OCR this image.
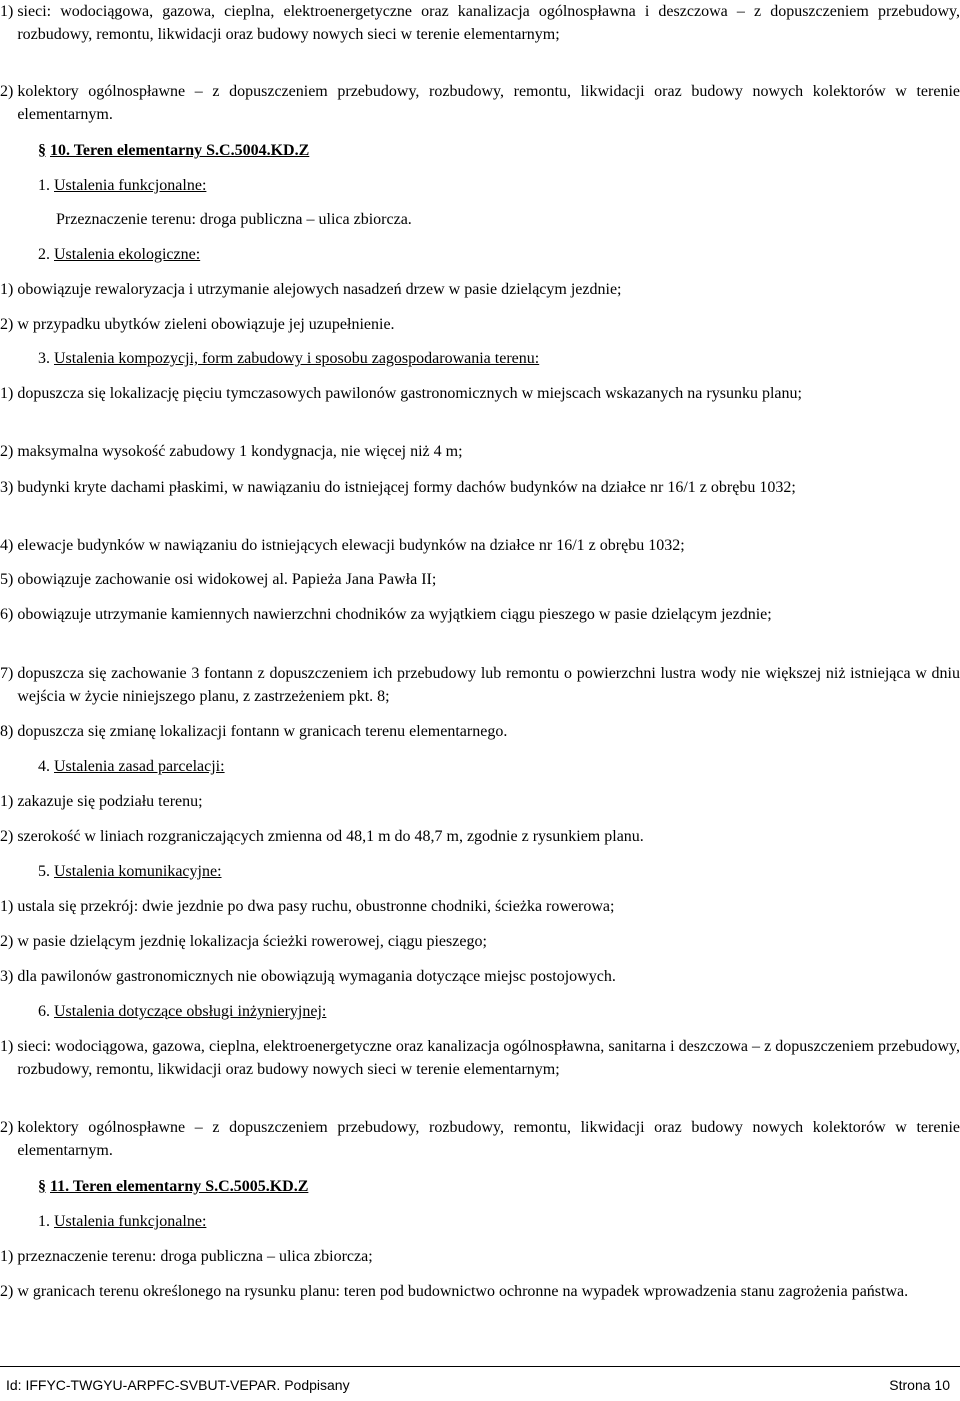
1) sieci: wodociągowa, gazowa, cieplna, elektroenergetyczne oraz kanalizacja ogólnospławna i deszczowa – z dopuszczeniem przebudowy, rozbudowy, remontu, likwidacji oraz budowy nowych sieci w terenie elementarnym;
2) kolektory ogólnospławne – z dopuszczeniem przebudowy, rozbudowy, remontu, likwidacji oraz budowy nowych kolektorów w terenie elementarnym.
§ 10. Teren elementarny S.C.5004.KD.Z
1. Ustalenia funkcjonalne:
Przeznaczenie terenu: droga publiczna – ulica zbiorcza.
2. Ustalenia ekologiczne:
1) obowiązuje rewaloryzacja i utrzymanie alejowych nasadzeń drzew w pasie dzielącym jezdnie;
2) w przypadku ubytków zieleni obowiązuje jej uzupełnienie.
3. Ustalenia kompozycji, form zabudowy i sposobu zagospodarowania terenu:
1) dopuszcza się lokalizację pięciu tymczasowych pawilonów gastronomicznych w miejscach wskazanych na rysunku planu;
2) maksymalna wysokość zabudowy 1 kondygnacja, nie więcej niż 4 m;
3) budynki kryte dachami płaskimi, w nawiązaniu do istniejącej formy dachów budynków na działce nr 16/1 z obrębu 1032;
4) elewacje budynków w nawiązaniu do istniejących elewacji budynków na działce nr 16/1 z obrębu 1032;
5) obowiązuje zachowanie osi widokowej al. Papieża Jana Pawła II;
6) obowiązuje utrzymanie kamiennych nawierzchni chodników za wyjątkiem ciągu pieszego w pasie dzielącym jezdnie;
7) dopuszcza się zachowanie 3 fontann z dopuszczeniem ich przebudowy lub remontu o powierzchni lustra wody nie większej niż istniejąca w dniu wejścia w życie niniejszego planu, z zastrzeżeniem pkt. 8;
8) dopuszcza się zmianę lokalizacji fontann w granicach terenu elementarnego.
4. Ustalenia zasad parcelacji:
1) zakazuje się podziału terenu;
2) szerokość w liniach rozgraniczających zmienna od 48,1 m do 48,7 m, zgodnie z rysunkiem planu.
5. Ustalenia komunikacyjne:
1) ustala się przekrój: dwie jezdnie po dwa pasy ruchu, obustronne chodniki, ścieżka rowerowa;
2) w pasie dzielącym jezdnię lokalizacja ścieżki rowerowej, ciągu pieszego;
3) dla pawilonów gastronomicznych nie obowiązują wymagania dotyczące miejsc postojowych.
6. Ustalenia dotyczące obsługi inżynieryjnej:
1) sieci: wodociągowa, gazowa, cieplna, elektroenergetyczne oraz kanalizacja ogólnospławna, sanitarna i deszczowa – z dopuszczeniem przebudowy, rozbudowy, remontu, likwidacji oraz budowy nowych sieci w terenie elementarnym;
2) kolektory ogólnospławne – z dopuszczeniem przebudowy, rozbudowy, remontu, likwidacji oraz budowy nowych kolektorów w terenie elementarnym.
§ 11. Teren elementarny S.C.5005.KD.Z
1. Ustalenia funkcjonalne:
1) przeznaczenie terenu: droga publiczna – ulica zbiorcza;
2) w granicach terenu określonego na rysunku planu: teren pod budownictwo ochronne na wypadek wprowadzenia stanu zagrożenia państwa.
Id: IFFYC-TWGYU-ARPFC-SVBUT-VEPAR. Podpisany	Strona 10
